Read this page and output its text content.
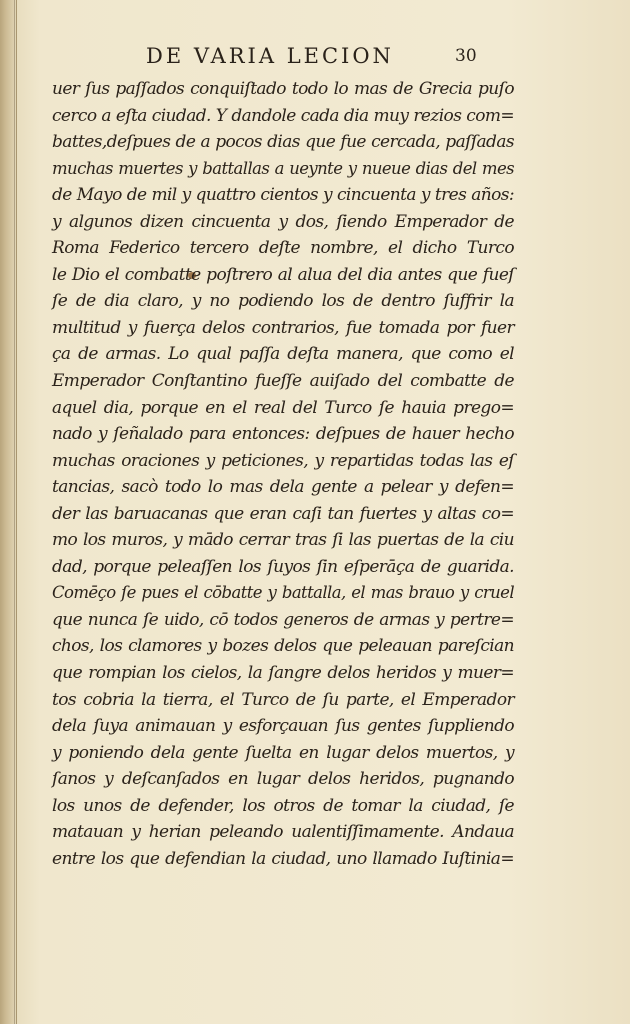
DE VARIA LECION	30
uer ſus paſſados conquiſtado todo lo mas de Grecia puſo
cerco a eſta ciudad. Y dandole cada dia muy rezios com=
battes,deſpues de a pocos dias que fue cercada, paſſadas
muchas muertes y battallas a ueynte y nueue dias del mes
de Mayo de mil y quattro cientos y cincuenta y tres años:
y algunos dizen cincuenta y dos, ſiendo Emperador de
Roma Federico tercero deſte nombre, el dicho Turco
le Dio el combatte poſtrero al alua del dia antes que fueſ
ſe de dia claro, y no podiendo los de dentro ſuffrir la
multitud y fuerça delos contrarios, fue tomada por fuer
ça de armas. Lo qual paſſa deſta manera, que como el
Emperador Conſtantino fueſſe auiſado del combatte de
aquel dia, porque en el real del Turco ſe hauia prego=
nado y ſeñalado para entonces: deſpues de hauer hecho
muchas oraciones y peticiones, y repartidas todas las eſ
tancias, sacò todo lo mas dela gente a pelear y defen=
der las baruacanas que eran caſi tan fuertes y altas co=
mo los muros, y mādo cerrar tras ſi las puertas de la ciu
dad, porque peleaſſen los ſuyos ſin eſperāça de guarida.
Comēço ſe pues el cōbatte y battalla, el mas brauo y cruel
que nunca ſe uido, cō todos generos de armas y pertre=
chos, los clamores y bozes delos que peleauan pareſcian
que rompian los cielos, la ſangre delos heridos y muer=
tos cobria la tierra, el Turco de ſu parte, el Emperador
dela ſuya animauan y esforçauan ſus gentes ſuppliendo
y poniendo dela gente ſuelta en lugar delos muertos, y
ſanos y deſcanſados en lugar delos heridos, pugnando
los unos de defender, los otros de tomar la ciudad, ſe
matauan y herian peleando ualentiſſimamente. Andaua
entre los que defendian la ciudad, uno llamado Iuſtinia=
